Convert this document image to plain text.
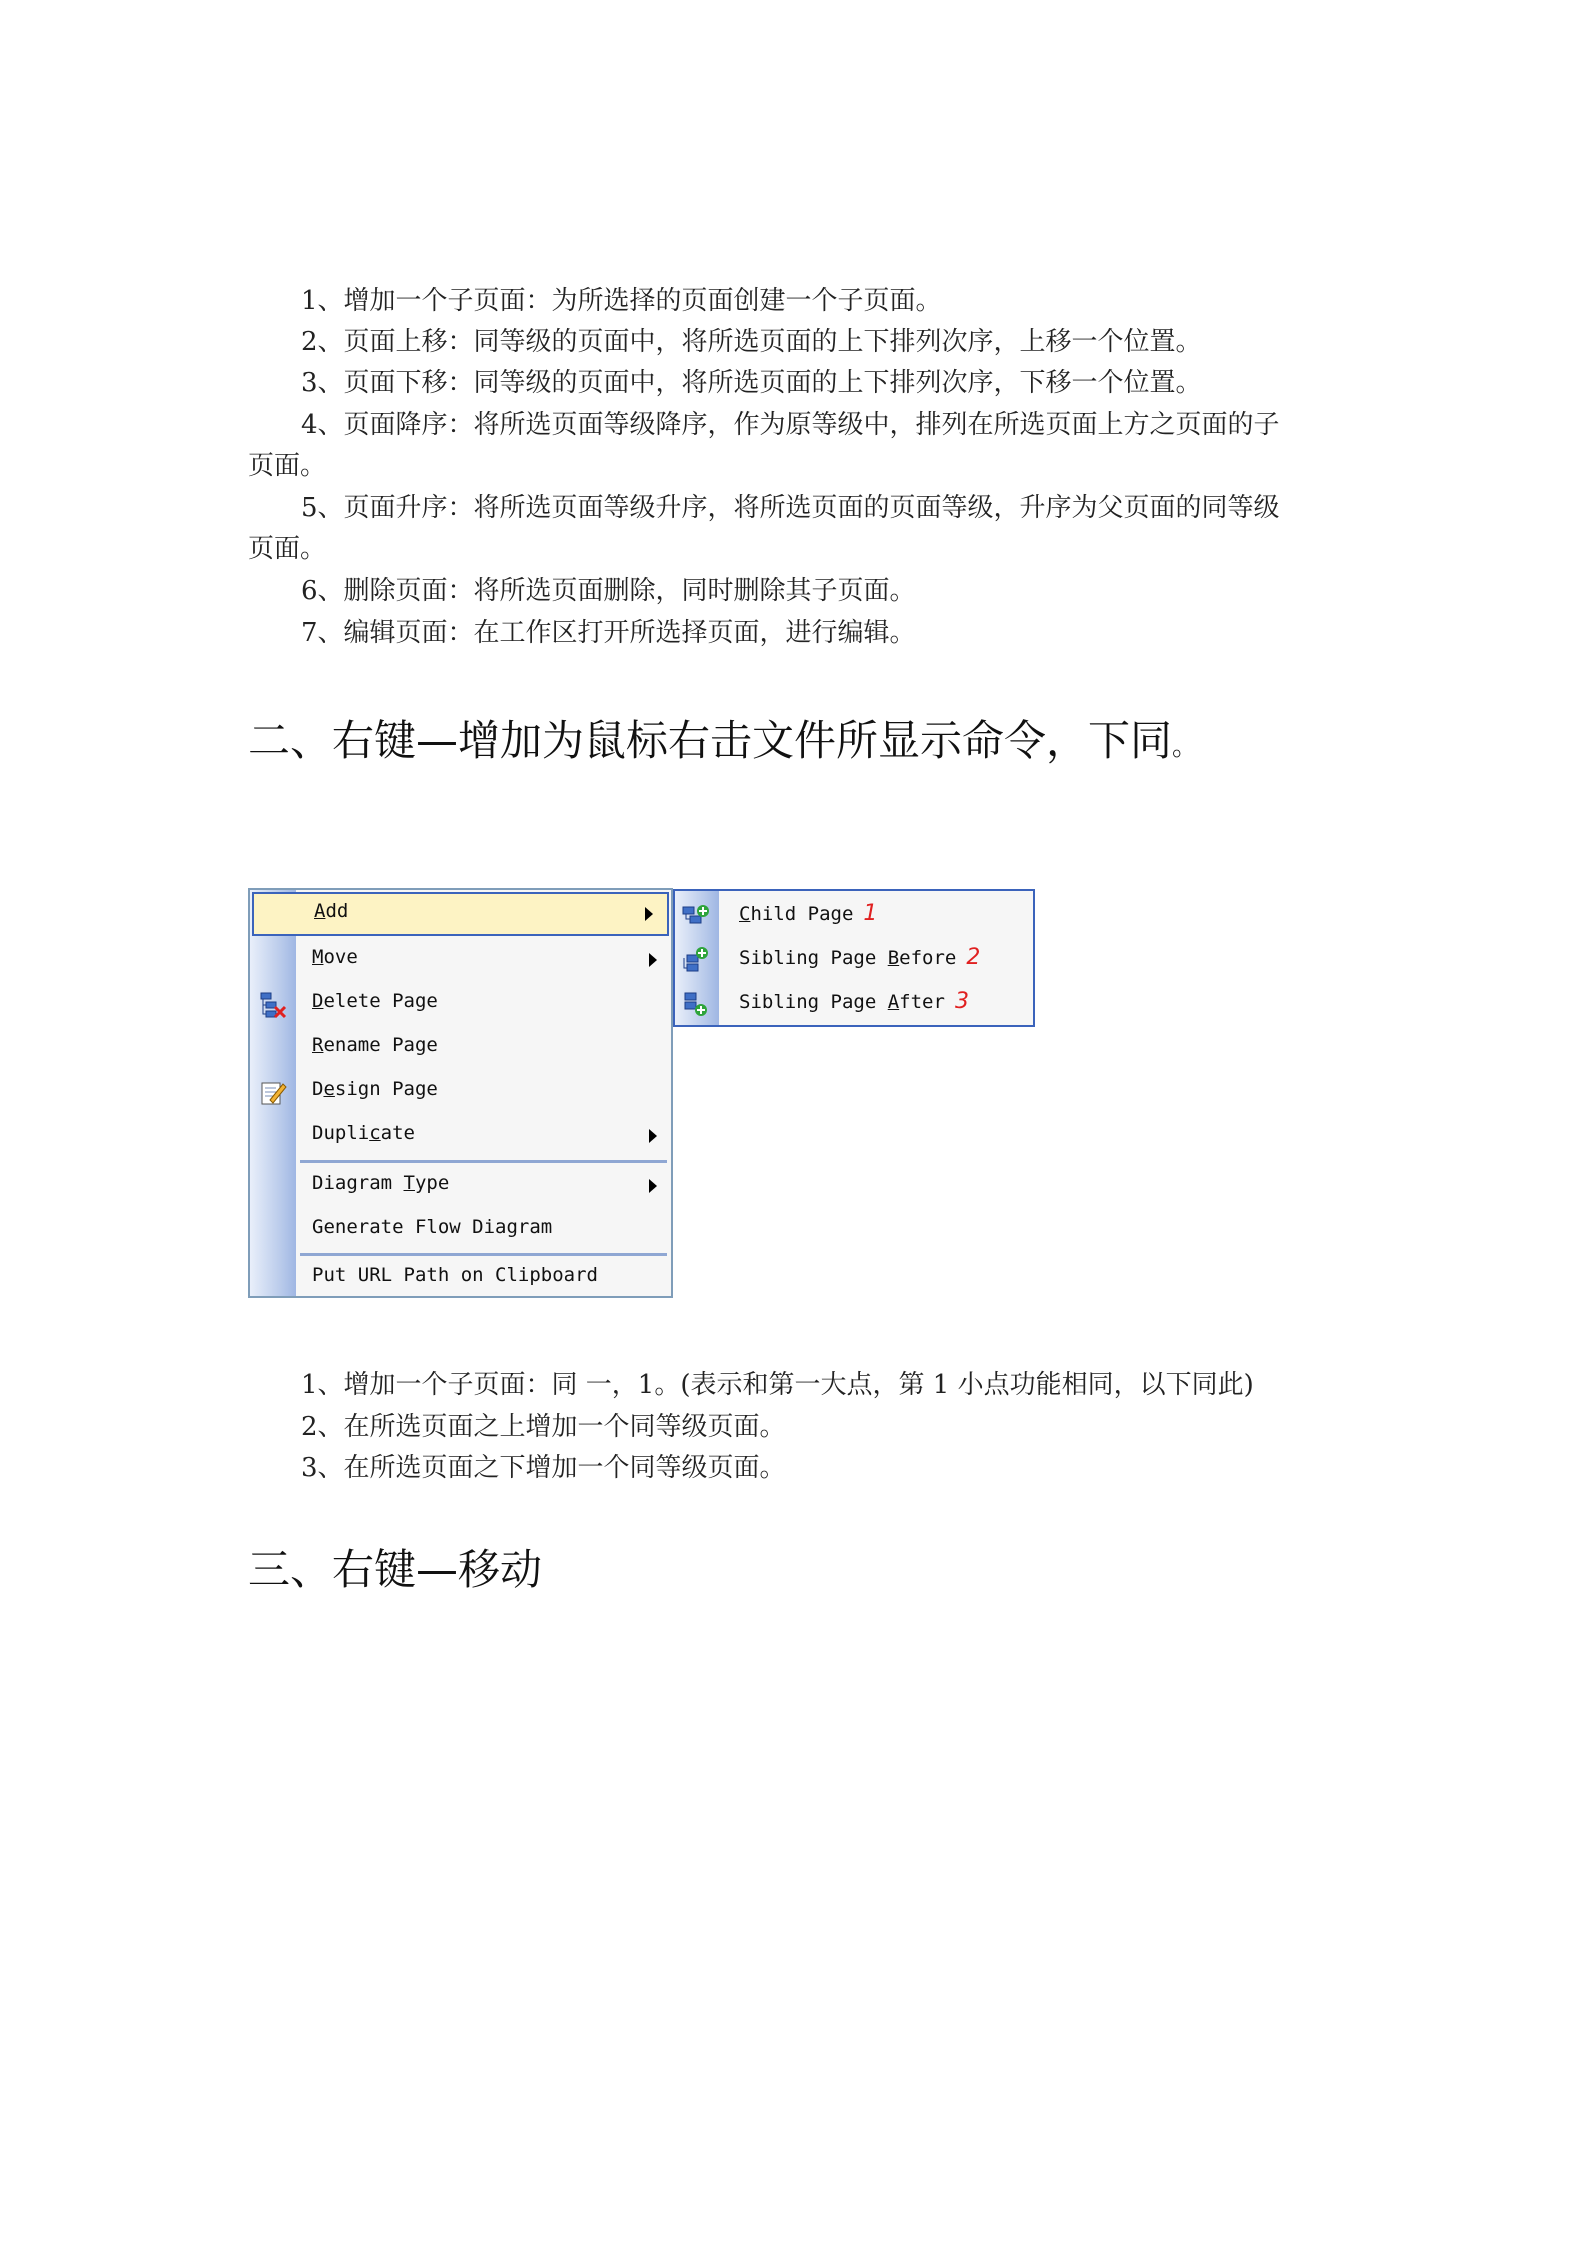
1、增加一个子页面：为所选择的页面创建一个子页面。
2、页面上移：同等级的页面中，将所选页面的上下排列次序，上移一个位置。
3、页面下移：同等级的页面中，将所选页面的上下排列次序，下移一个位置。
4、页面降序：将所选页面等级降序，作为原等级中，排列在所选页面上方之页面的子
页面。
5、页面升序：将所选页面等级升序，将所选页面的页面等级，升序为父页面的同等级
页面。
6、删除页面：将所选页面删除，同时删除其子页面。
7、编辑页面：在工作区打开所选择页面，进行编辑。
二、右键—增加为鼠标右击文件所显示命令，下同。
Add
Move
Delete Page
Rename Page
Design Page
Duplicate
Diagram Type
Generate Flow Diagram
Put URL Path on Clipboard
Child Page 1
Sibling Page Before 2
Sibling Page After 3
1、增加一个子页面：同 一，1。(表示和第一大点，第 1 小点功能相同，以下同此)
2、在所选页面之上增加一个同等级页面。
3、在所选页面之下增加一个同等级页面。
三、右键—移动
